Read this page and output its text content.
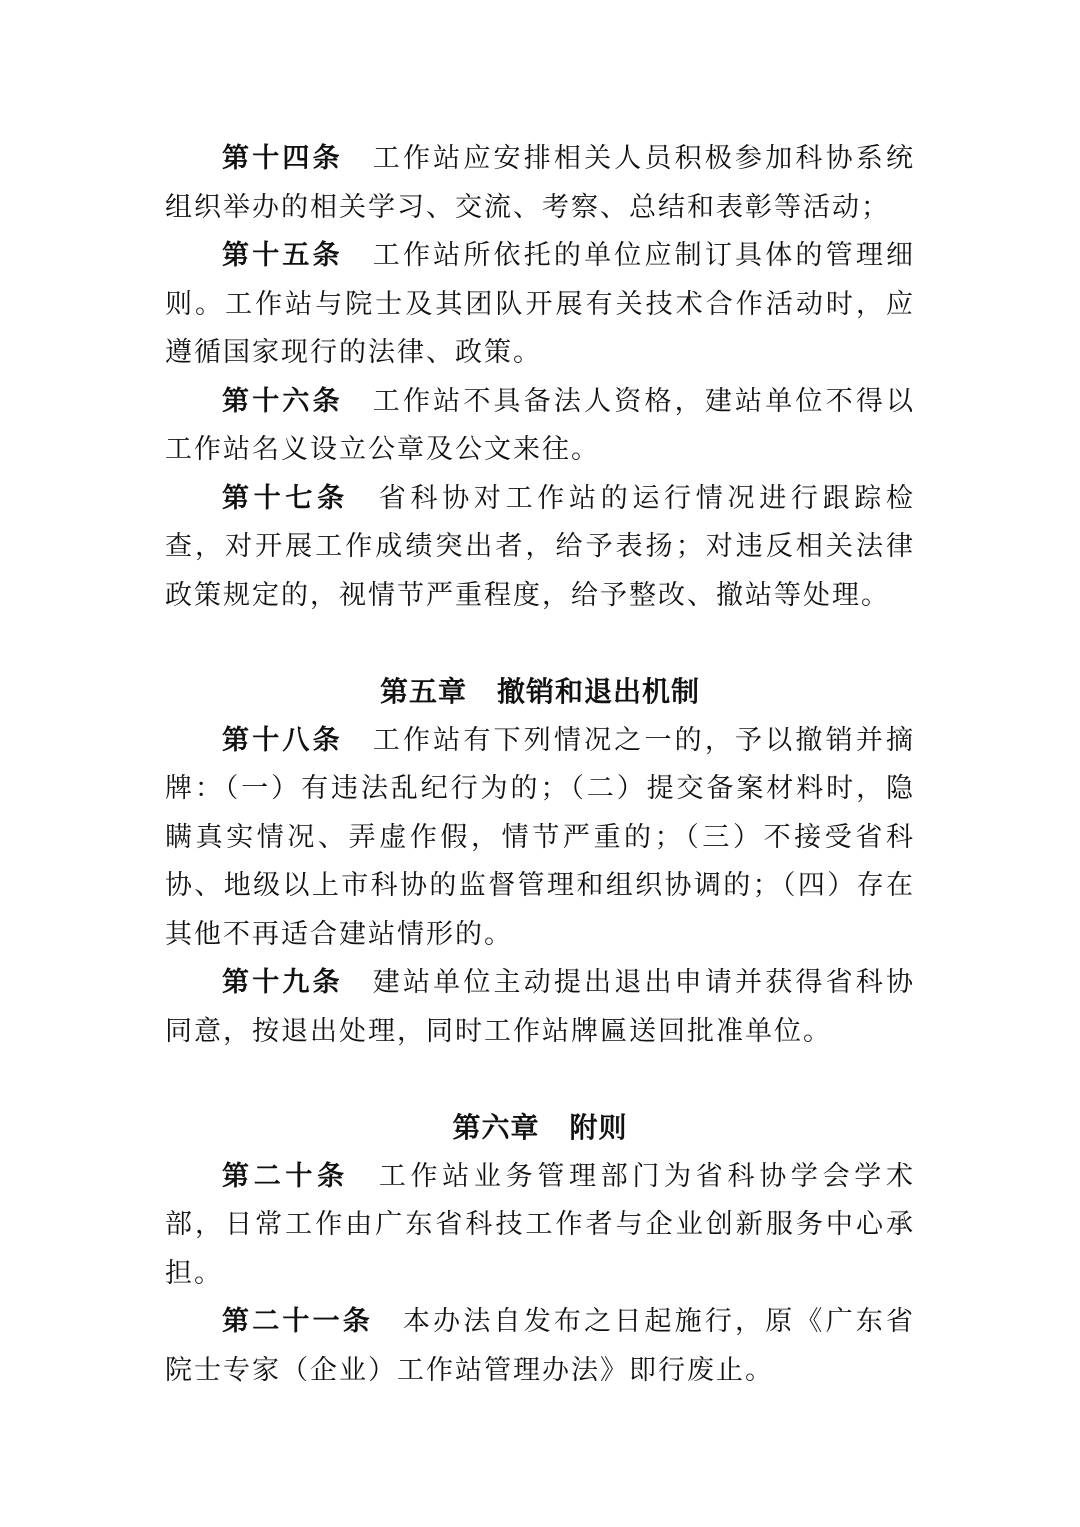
第十四条 工作站应安排相关人员积极参加科协系统组织举办的相关学习、交流、考察、总结和表彰等活动；

第十五条 工作站所依托的单位应制订具体的管理细则。工作站与院士及其团队开展有关技术合作活动时，应遵循国家现行的法律、政策。

第十六条 工作站不具备法人资格，建站单位不得以工作站名义设立公章及公文来往。

第十七条 省科协对工作站的运行情况进行跟踪检查，对开展工作成绩突出者，给予表扬；对违反相关法律政策规定的，视情节严重程度，给予整改、撤站等处理。

第五章 撤销和退出机制

第十八条 工作站有下列情况之一的，予以撤销并摘牌：（一）有违法乱纪行为的；（二）提交备案材料时，隐瞒真实情况、弄虚作假，情节严重的；（三）不接受省科协、地级以上市科协的监督管理和组织协调的；（四）存在其他不再适合建站情形的。

第十九条 建站单位主动提出退出申请并获得省科协同意，按退出处理，同时工作站牌匾送回批准单位。

第六章 附则

第二十条 工作站业务管理部门为省科协学会学术部，日常工作由广东省科技工作者与企业创新服务中心承担。

第二十一条 本办法自发布之日起施行，原《广东省院士专家（企业）工作站管理办法》即行废止。
